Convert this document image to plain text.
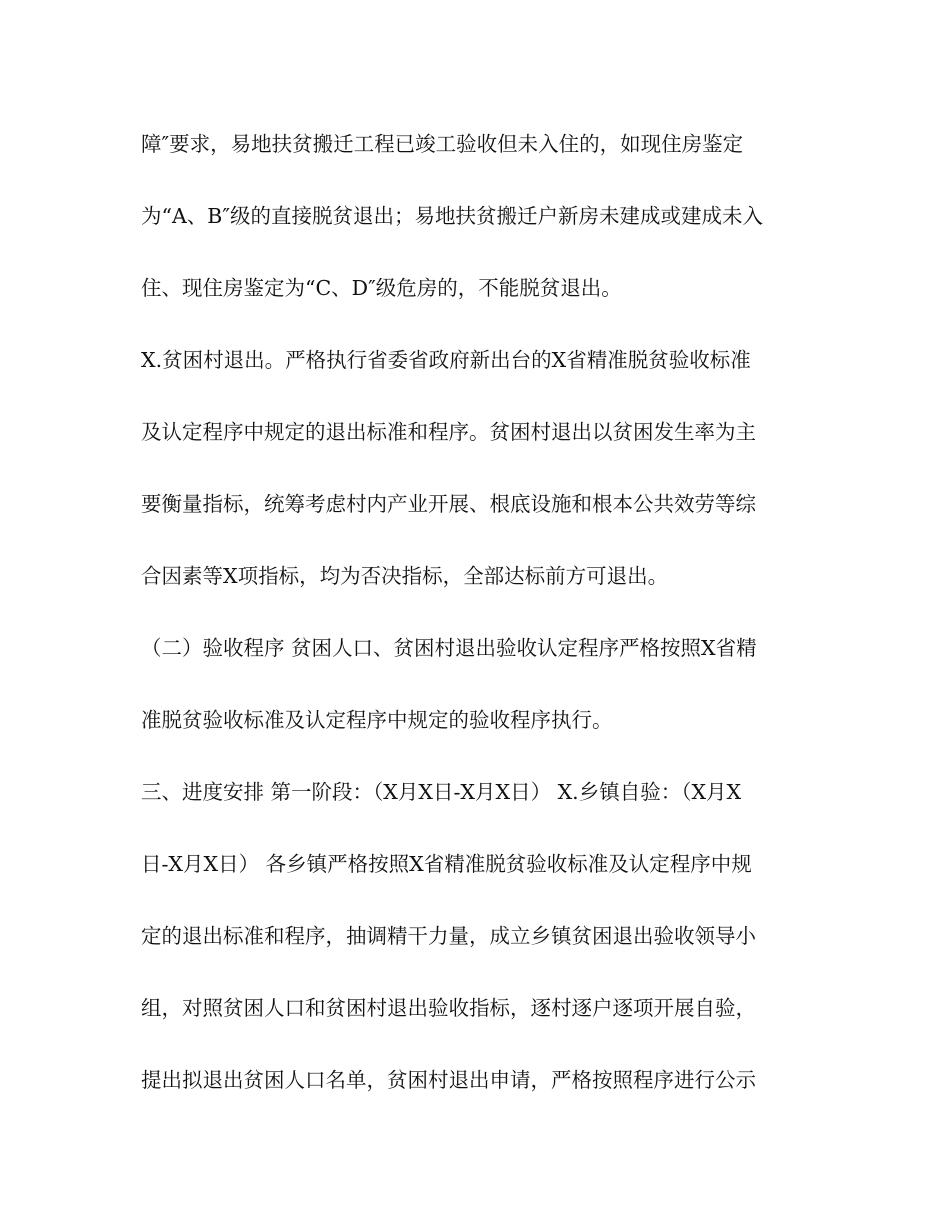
障″要求，易地扶贫搬迁工程已竣工验收但未入住的，如现住房鉴定
为“A、B″级的直接脱贫退出；易地扶贫搬迁户新房未建成或建成未入
住、现住房鉴定为“C、D″级危房的，不能脱贫退出。
X.贫困村退出。严格执行省委省政府新出台的X省精准脱贫验收标准
及认定程序中规定的退出标准和程序。贫困村退出以贫困发生率为主
要衡量指标，统筹考虑村内产业开展、根底设施和根本公共效劳等综
合因素等X项指标，均为否决指标，全部达标前方可退出。
（二）验收程序 贫困人口、贫困村退出验收认定程序严格按照X省精
准脱贫验收标准及认定程序中规定的验收程序执行。
三、进度安排 第一阶段：（X月X日-X月X日） X.乡镇自验：（X月X
日-X月X日） 各乡镇严格按照X省精准脱贫验收标准及认定程序中规
定的退出标准和程序，抽调精干力量，成立乡镇贫困退出验收领导小
组，对照贫困人口和贫困村退出验收指标，逐村逐户逐项开展自验，
提出拟退出贫困人口名单，贫困村退出申请，严格按照程序进行公示
